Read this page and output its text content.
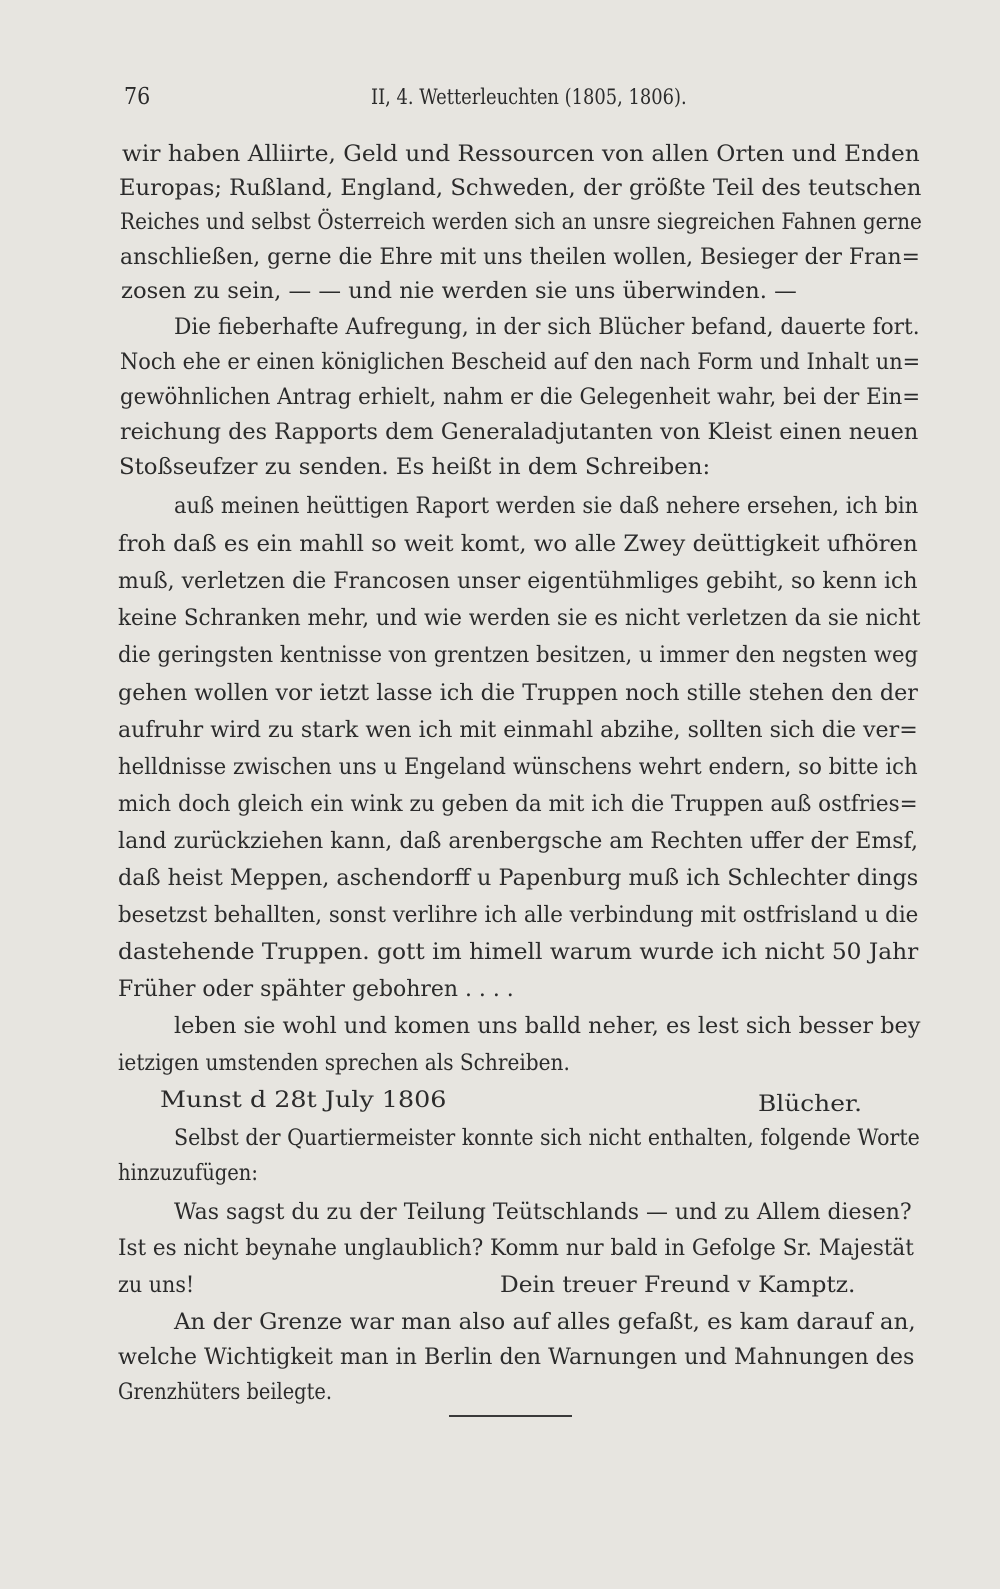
76	II, 4. Wetterleuchten (1805, 1806).
wir haben Alliirte, Geld und Ressourcen von allen Orten und Enden
Europas; Rußland, England, Schweden, der größte Teil des teutschen
Reiches und selbst Österreich werden sich an unsre siegreichen Fahnen gerne
anschließen, gerne die Ehre mit uns theilen wollen, Besieger der Fran=
zosen zu sein, — — und nie werden sie uns überwinden. —
Die fieberhafte Aufregung, in der sich Blücher befand, dauerte fort.
Noch ehe er einen königlichen Bescheid auf den nach Form und Inhalt un=
gewöhnlichen Antrag erhielt, nahm er die Gelegenheit wahr, bei der Ein=
reichung des Rapports dem Generaladjutanten von Kleist einen neuen
Stoßseufzer zu senden. Es heißt in dem Schreiben:
auß meinen heüttigen Raport werden sie daß nehere ersehen, ich bin
froh daß es ein mahll so weit komt, wo alle Zwey deüttigkeit ufhören
muß, verletzen die Francosen unser eigentühmliges gebiht, so kenn ich
keine Schranken mehr, und wie werden sie es nicht verletzen da sie nicht
die geringsten kentnisse von grentzen besitzen, u immer den negsten weg
gehen wollen vor ietzt lasse ich die Truppen noch stille stehen den der
aufruhr wird zu stark wen ich mit einmahl abzihe, sollten sich die ver=
helldnisse zwischen uns u Engeland wünschens wehrt endern, so bitte ich
mich doch gleich ein wink zu geben da mit ich die Truppen auß ostfries=
land zurückziehen kann, daß arenbergsche am Rechten uffer der Emsf,
daß heist Meppen, aschendorff u Papenburg muß ich Schlechter dings
besetzst behallten, sonst verlihre ich alle verbindung mit ostfrisland u die
dastehende Truppen. gott im himell warum wurde ich nicht 50 Jahr
Früher oder spähter gebohren . . . .
leben sie wohl und komen uns balld neher, es lest sich besser bey
ietzigen umstenden sprechen als Schreiben.
Munst d 28t July 1806	Blücher.
Selbst der Quartiermeister konnte sich nicht enthalten, folgende Worte
hinzuzufügen:
Was sagst du zu der Teilung Teütschlands — und zu Allem diesen?
Ist es nicht beynahe unglaublich? Komm nur bald in Gefolge Sr. Majestät
zu uns!	Dein treuer Freund v Kamptz.
An der Grenze war man also auf alles gefaßt, es kam darauf an,
welche Wichtigkeit man in Berlin den Warnungen und Mahnungen des
Grenzhüters beilegte.
